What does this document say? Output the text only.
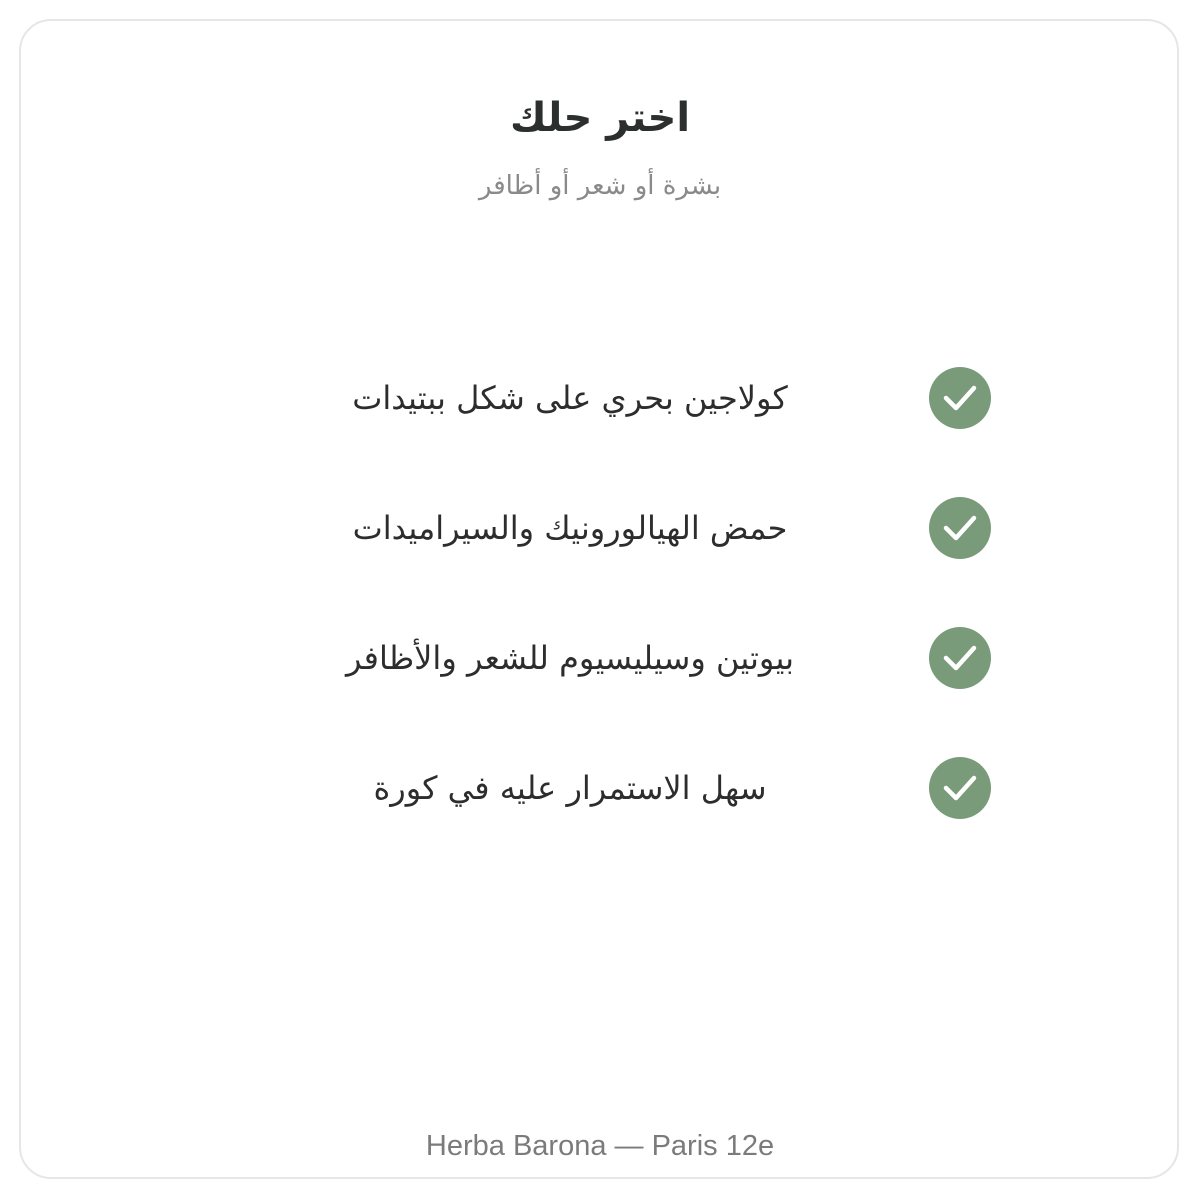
اختر حلك
بشرة أو شعر أو أظافر
كولاجين بحري على شكل ببتيدات
حمض الهيالورونيك والسيراميدات
بيوتين وسيليسيوم للشعر والأظافر
سهل الاستمرار عليه في كورة
Herba Barona — Paris 12e
